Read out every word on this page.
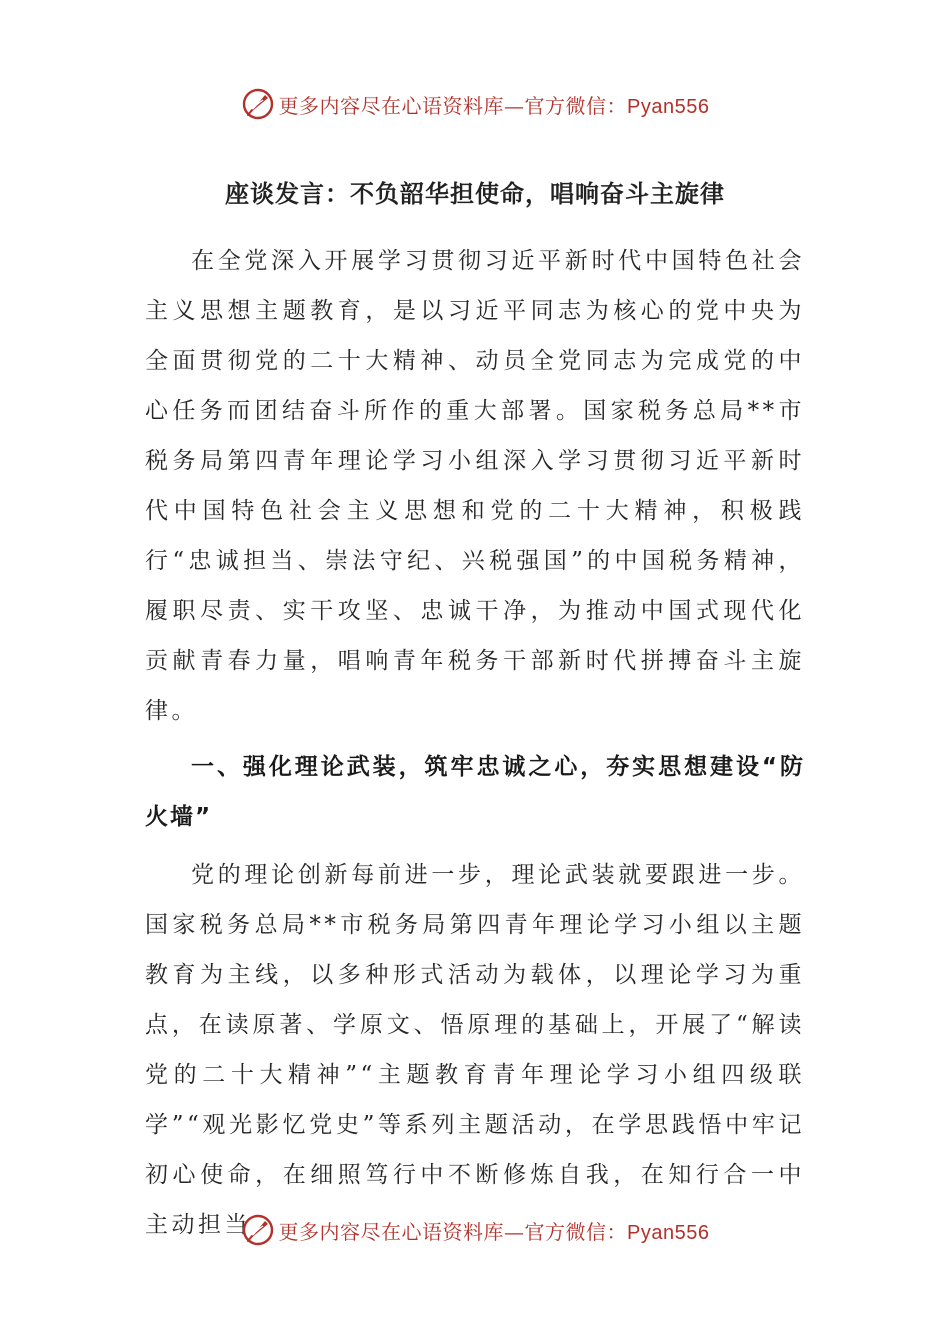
更多内容尽在心语资料库—官方微信：Pyan556
座谈发言：不负韶华担使命，唱响奋斗主旋律

在全党深入开展学习贯彻习近平新时代中国特色社会主义思想主题教育，是以习近平同志为核心的党中央为全面贯彻党的二十大精神、动员全党同志为完成党的中心任务而团结奋斗所作的重大部署。国家税务总局**市税务局第四青年理论学习小组深入学习贯彻习近平新时代中国特色社会主义思想和党的二十大精神，积极践行“忠诚担当、崇法守纪、兴税强国”的中国税务精神，履职尽责、实干攻坚、忠诚干净，为推动中国式现代化贡献青春力量，唱响青年税务干部新时代拼搏奋斗主旋律。

一、强化理论武装，筑牢忠诚之心，夯实思想建设“防火墙”

党的理论创新每前进一步，理论武装就要跟进一步。国家税务总局**市税务局第四青年理论学习小组以主题教育为主线，以多种形式活动为载体，以理论学习为重点，在读原著、学原文、悟原理的基础上，开展了“解读党的二十大精神”“主题教育青年理论学习小组四级联学”“观光影忆党史”等系列主题活动，在学思践悟中牢记初心使命，在细照笃行中不断修炼自我，在知行合一中主动担当	更多内容尽在心语资料库—官方微信：Pyan556
